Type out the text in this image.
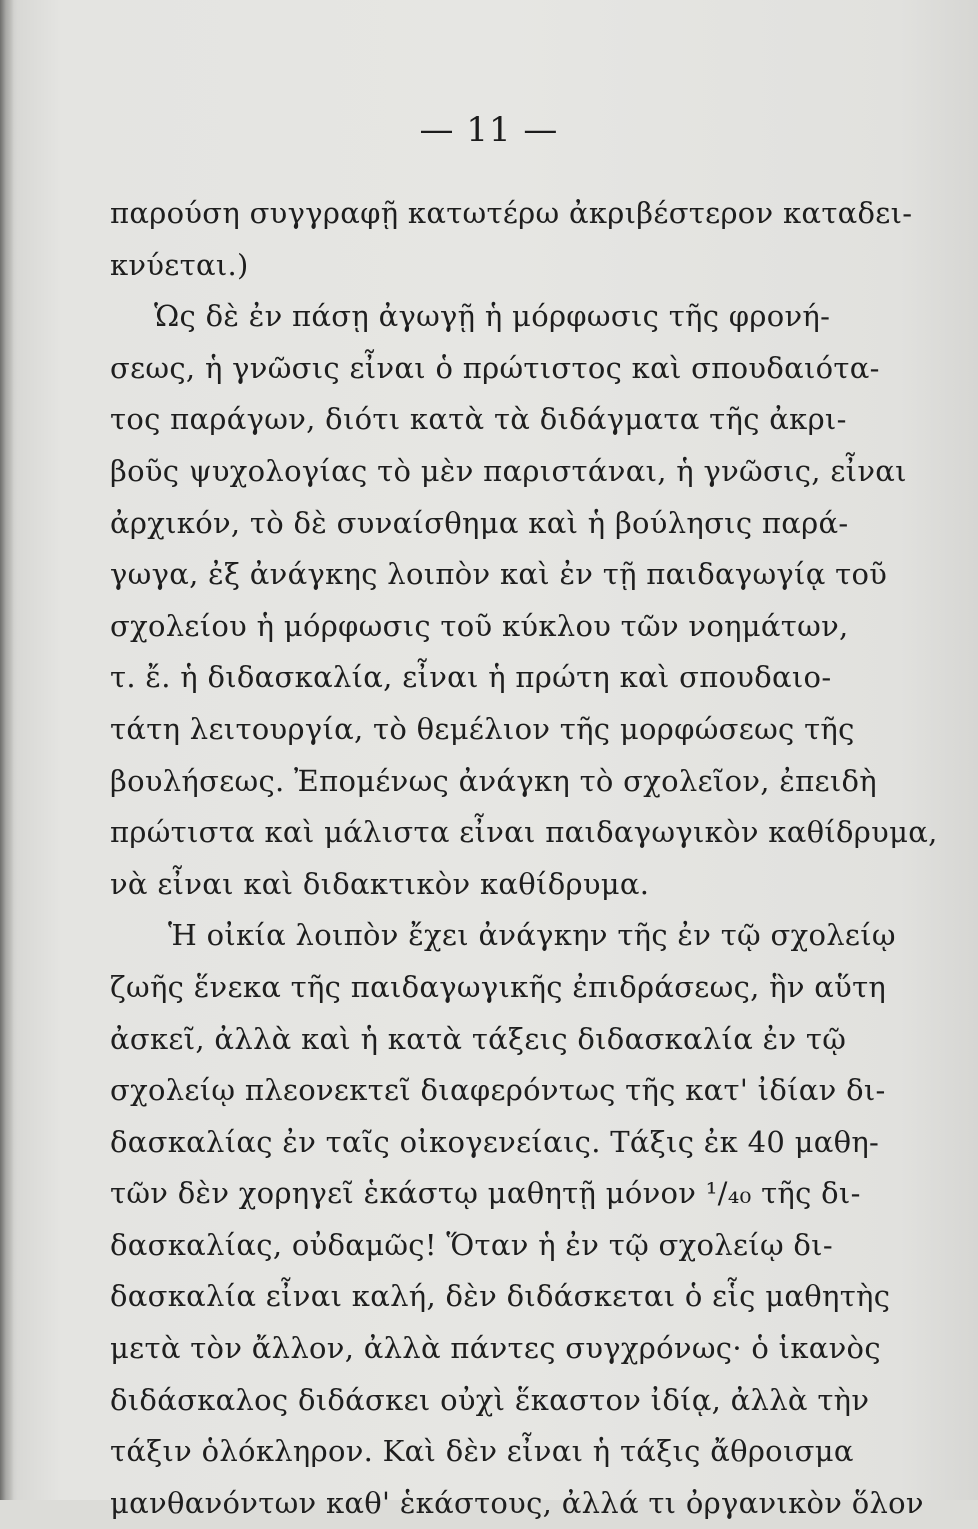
— 11 —
παρούση συγγραφῇ κατωτέρω ἀκριβέστερον καταδει-
κνύεται.)
Ὡς δὲ ἐν πάσῃ ἀγωγῇ ἡ μόρφωσις τῆς φρονή-
σεως, ἡ γνῶσις εἶναι ὁ πρώτιστος καὶ σπουδαιότα-
τος παράγων, διότι κατὰ τὰ διδάγματα τῆς ἀκρι-
βοῦς ψυχολογίας τὸ μὲν παριστάναι, ἡ γνῶσις, εἶναι
ἀρχικόν, τὸ δὲ συναίσθημα καὶ ἡ βούλησις παρά-
γωγα, ἐξ ἀνάγκης λοιπὸν καὶ ἐν τῇ παιδαγωγίᾳ τοῦ
σχολείου ἡ μόρφωσις τοῦ κύκλου τῶν νοημάτων,
τ. ἔ. ἡ διδασκαλία, εἶναι ἡ πρώτη καὶ σπουδαιο-
τάτη λειτουργία, τὸ θεμέλιον τῆς μορφώσεως τῆς
βουλήσεως. Ἐπομένως ἀνάγκη τὸ σχολεῖον, ἐπειδὴ
πρώτιστα καὶ μάλιστα εἶναι παιδαγωγικὸν καθίδρυμα,
νὰ εἶναι καὶ διδακτικὸν καθίδρυμα.
Ἡ οἰκία λοιπὸν ἔχει ἀνάγκην τῆς ἐν τῷ σχολείῳ
ζωῆς ἕνεκα τῆς παιδαγωγικῆς ἐπιδράσεως, ἣν αὕτη
ἀσκεῖ, ἀλλὰ καὶ ἡ κατὰ τάξεις διδασκαλία ἐν τῷ
σχολείῳ πλεονεκτεῖ διαφερόντως τῆς κατ' ἰδίαν δι-
δασκαλίας ἐν ταῖς οἰκογενείαις. Τάξις ἐκ 40 μαθη-
τῶν δὲν χορηγεῖ ἑκάστῳ μαθητῇ μόνον ¹/₄₀ τῆς δι-
δασκαλίας, οὐδαμῶς! Ὅταν ἡ ἐν τῷ σχολείῳ δι-
δασκαλία εἶναι καλή, δὲν διδάσκεται ὁ εἷς μαθητὴς
μετὰ τὸν ἄλλον, ἀλλὰ πάντες συγχρόνως· ὁ ἱκανὸς
διδάσκαλος διδάσκει οὐχὶ ἕκαστον ἰδίᾳ, ἀλλὰ τὴν
τάξιν ὁλόκληρον. Καὶ δὲν εἶναι ἡ τάξις ἄθροισμα
μανθανόντων καθ' ἑκάστους, ἀλλά τι ὀργανικὸν ὅλον
